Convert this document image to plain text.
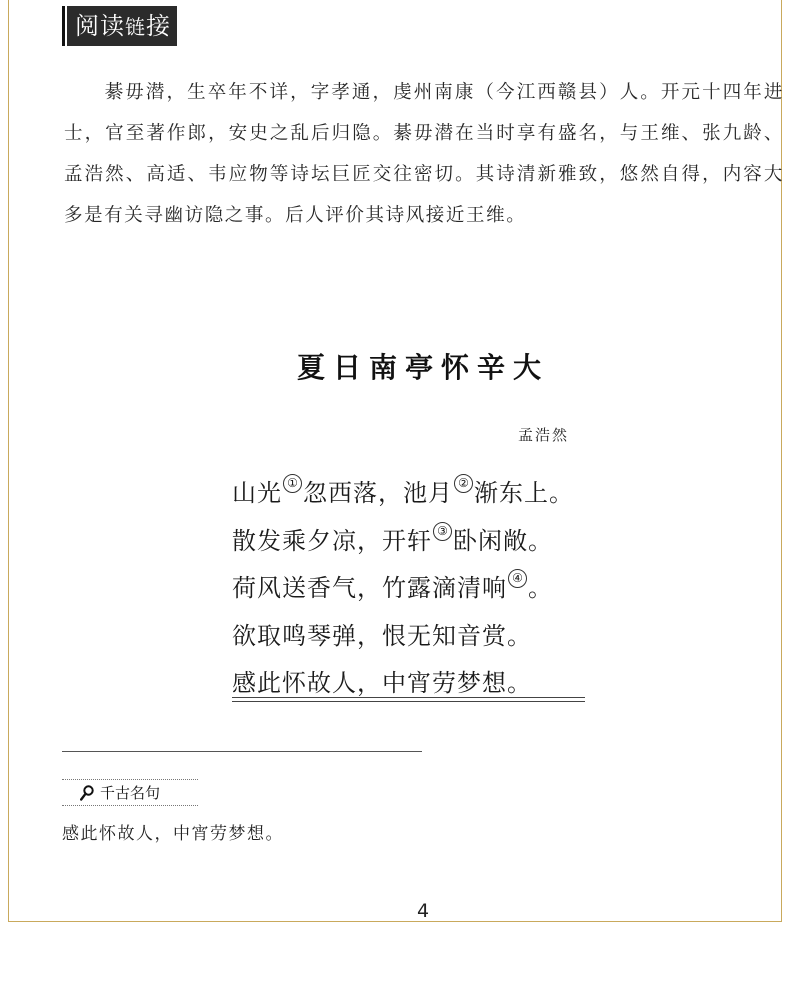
阅读链接

綦毋潜，生卒年不详，字孝通，虔州南康（今江西赣县）人。开元十四年进士，官至著作郎，安史之乱后归隐。綦毋潜在当时享有盛名，与王维、张九龄、孟浩然、高适、韦应物等诗坛巨匠交往密切。其诗清新雅致，悠然自得，内容大多是有关寻幽访隐之事。后人评价其诗风接近王维。

夏日南亭怀辛大
孟浩然
山光 ① 忽西落，池月 ② 渐东上。
散发乘夕凉，开轩 ③ 卧闲敞。
荷风送香气，竹露滴清响 ④ 。
欲取鸣琴弹，恨无知音赏。
感此怀故人，中宵劳梦想。
千古名句
感此怀故人，中宵劳梦想。
4
